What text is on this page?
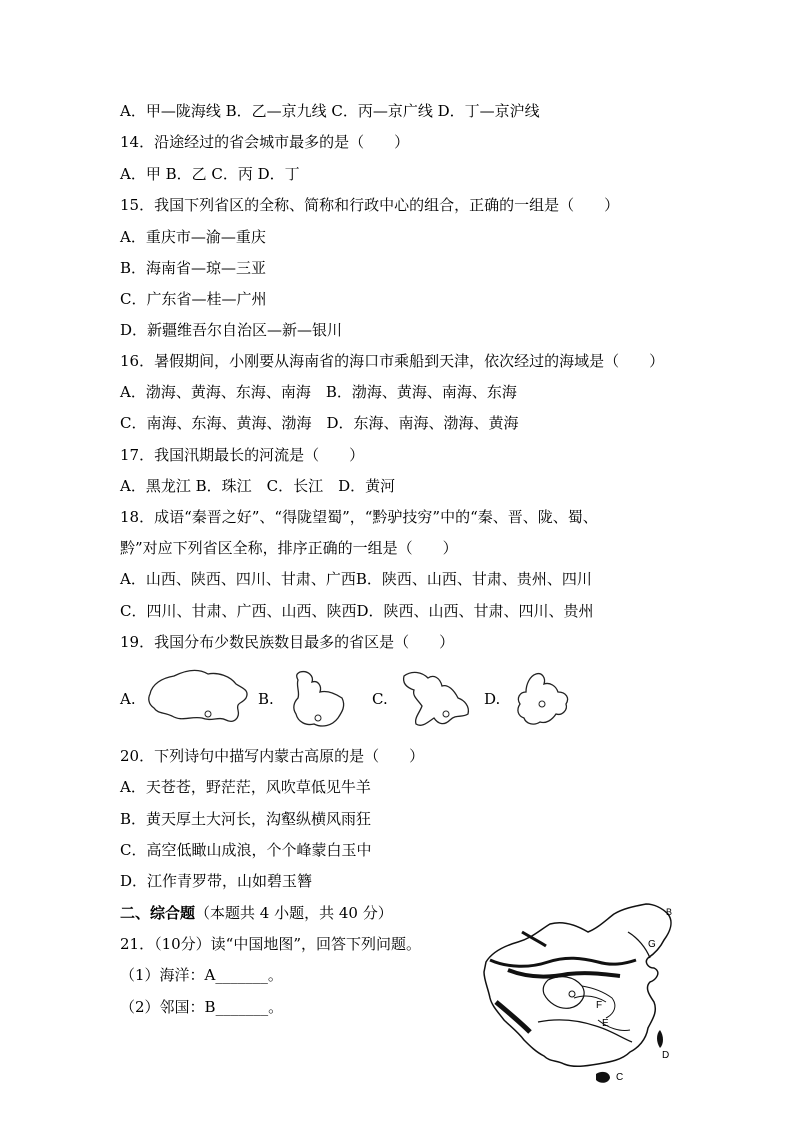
A．甲—陇海线 B．乙—京九线 C．丙—京广线 D．丁—京沪线
14．沿途经过的省会城市最多的是（　　）
A．甲 B．乙 C．丙 D．丁
15．我国下列省区的全称、简称和行政中心的组合，正确的一组是（　　）
A．重庆市—渝—重庆
B．海南省—琼—三亚
C．广东省—桂—广州
D．新疆维吾尔自治区—新—银川
16．暑假期间，小刚要从海南省的海口市乘船到天津，依次经过的海域是（　　）
A．渤海、黄海、东海、南海　B．渤海、黄海、南海、东海
C．南海、东海、黄海、渤海　D．东海、南海、渤海、黄海
17．我国汛期最长的河流是（　　）
A．黑龙江 B．珠江　C．长江　D．黄河
18．成语“秦晋之好”、“得陇望蜀”，“黔驴技穷”中的“秦、晋、陇、蜀、
黔”对应下列省区全称，排序正确的一组是（　　）
A．山西、陕西、四川、甘肃、广西B．陕西、山西、甘肃、贵州、四川
C．四川、甘肃、广西、山西、陕西D．陕西、山西、甘肃、四川、贵州
19．我国分布少数民族数目最多的省区是（　　）
A.	B.	C.	D.
20．下列诗句中描写内蒙古高原的是（　　）
A．天苍苍，野茫茫，风吹草低见牛羊
B．黄天厚土大河长，沟壑纵横风雨狂
C．高空低瞰山成浪，个个峰蒙白玉中
D．江作青罗带，山如碧玉簪
二、综合题（本题共 4 小题，共 40 分）
21．（10分）读“中国地图”，回答下列问题。
（1）海洋：A_______。
（2）邻国：B_______。
B
G
F
E
D
C
